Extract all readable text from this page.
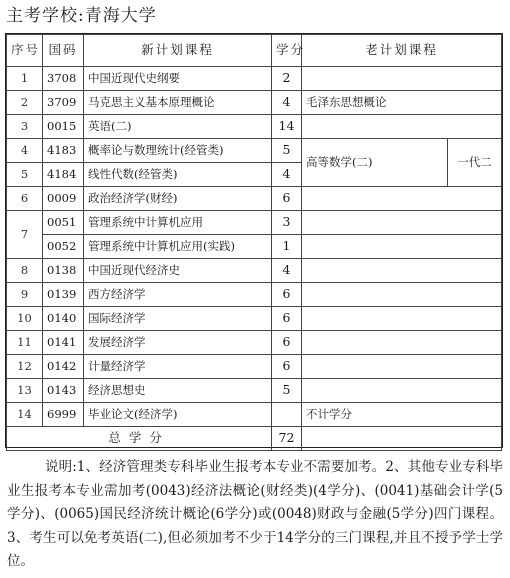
主考学校:青海大学
序号	国码	新计划课程	学分	老计划课程	
1	3708	中国近现代史纲要	2		
2	3709	马克思主义基本原理概论	4	毛泽东思想概论	
3	0015	英语(二)	14		
4	4183	概率论与数理统计(经管类)	5	高等数学(二)	一代二
5	4184	线性代数(经管类)	4		
6	0009	政治经济学(财经)	6		
7	0051	管理系统中计算机应用	3		
	0052	管理系统中计算机应用(实践)	1		
8	0138	中国近现代经济史	4		
9	0139	西方经济学	6		
10	0140	国际经济学	6		
11	0141	发展经济学	6		
12	0142	计量经济学	6		
13	0143	经济思想史	5		
14	6999	毕业论文(经济学)		不计学分	
总学分			72		

说明:1、经济管理类专科毕业生报考本专业不需要加考。2、其他专业专科毕业生报考本专业需加考(0043)经济法概论(财经类)(4学分)、(0041)基础会计学(5学分)、(0065)国民经济统计概论(6学分)或(0048)财政与金融(5学分)四门课程。3、考生可以免考英语(二),但必须加考不少于14学分的三门课程,并且不授予学士学位。
